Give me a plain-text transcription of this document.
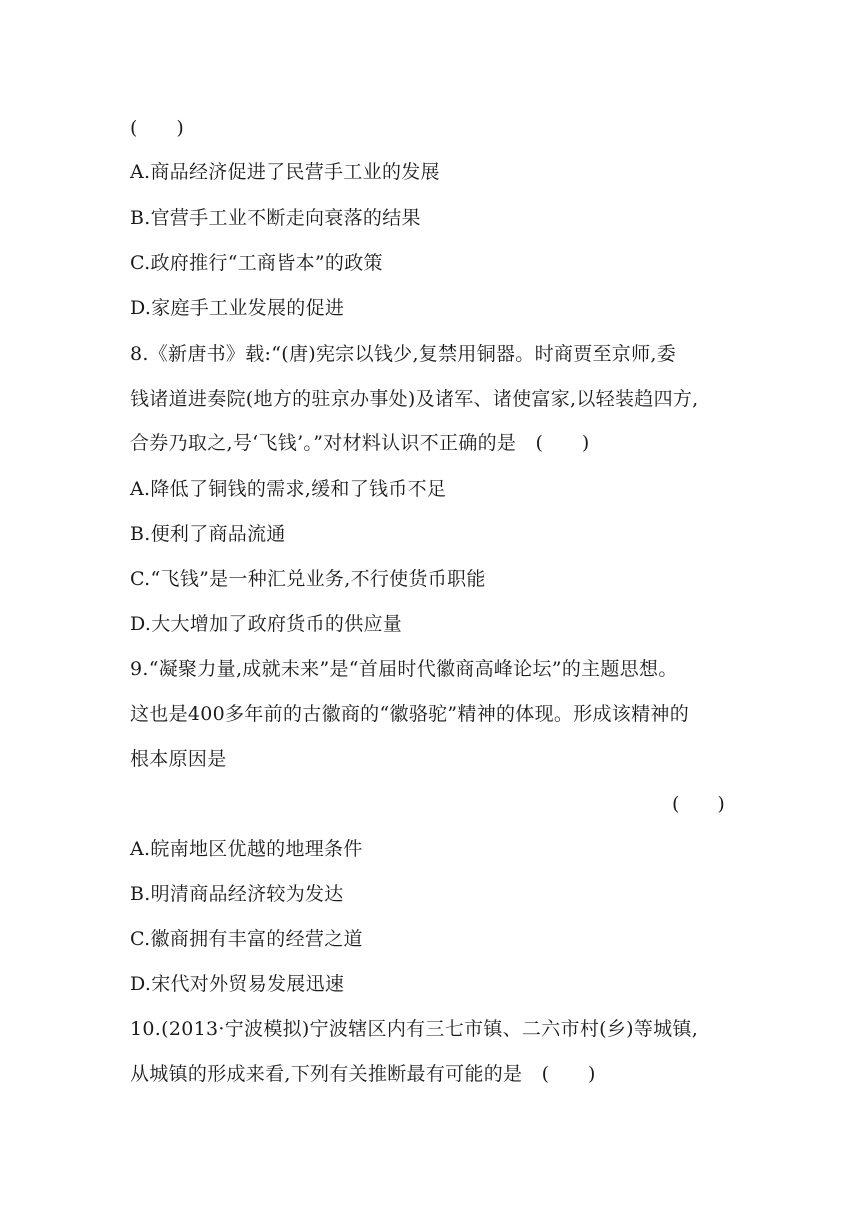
(　　)
A.商品经济促进了民营手工业的发展
B.官营手工业不断走向衰落的结果
C.政府推行“工商皆本”的政策
D.家庭手工业发展的促进
8.《新唐书》载:“(唐)宪宗以钱少,复禁用铜器。时商贾至京师,委
钱诸道进奏院(地方的驻京办事处)及诸军、诸使富家,以轻装趋四方,
合券乃取之,号‘飞钱’。”对材料认识不正确的是　(　　)
A.降低了铜钱的需求,缓和了钱币不足
B.便利了商品流通
C.“飞钱”是一种汇兑业务,不行使货币职能
D.大大增加了政府货币的供应量
9.“凝聚力量,成就未来”是“首届时代徽商高峰论坛”的主题思想。
这也是400多年前的古徽商的“徽骆驼”精神的体现。形成该精神的
根本原因是
(　　)
A.皖南地区优越的地理条件
B.明清商品经济较为发达
C.徽商拥有丰富的经营之道
D.宋代对外贸易发展迅速
10.(2013·宁波模拟)宁波辖区内有三七市镇、二六市村(乡)等城镇,
从城镇的形成来看,下列有关推断最有可能的是　(　　)
